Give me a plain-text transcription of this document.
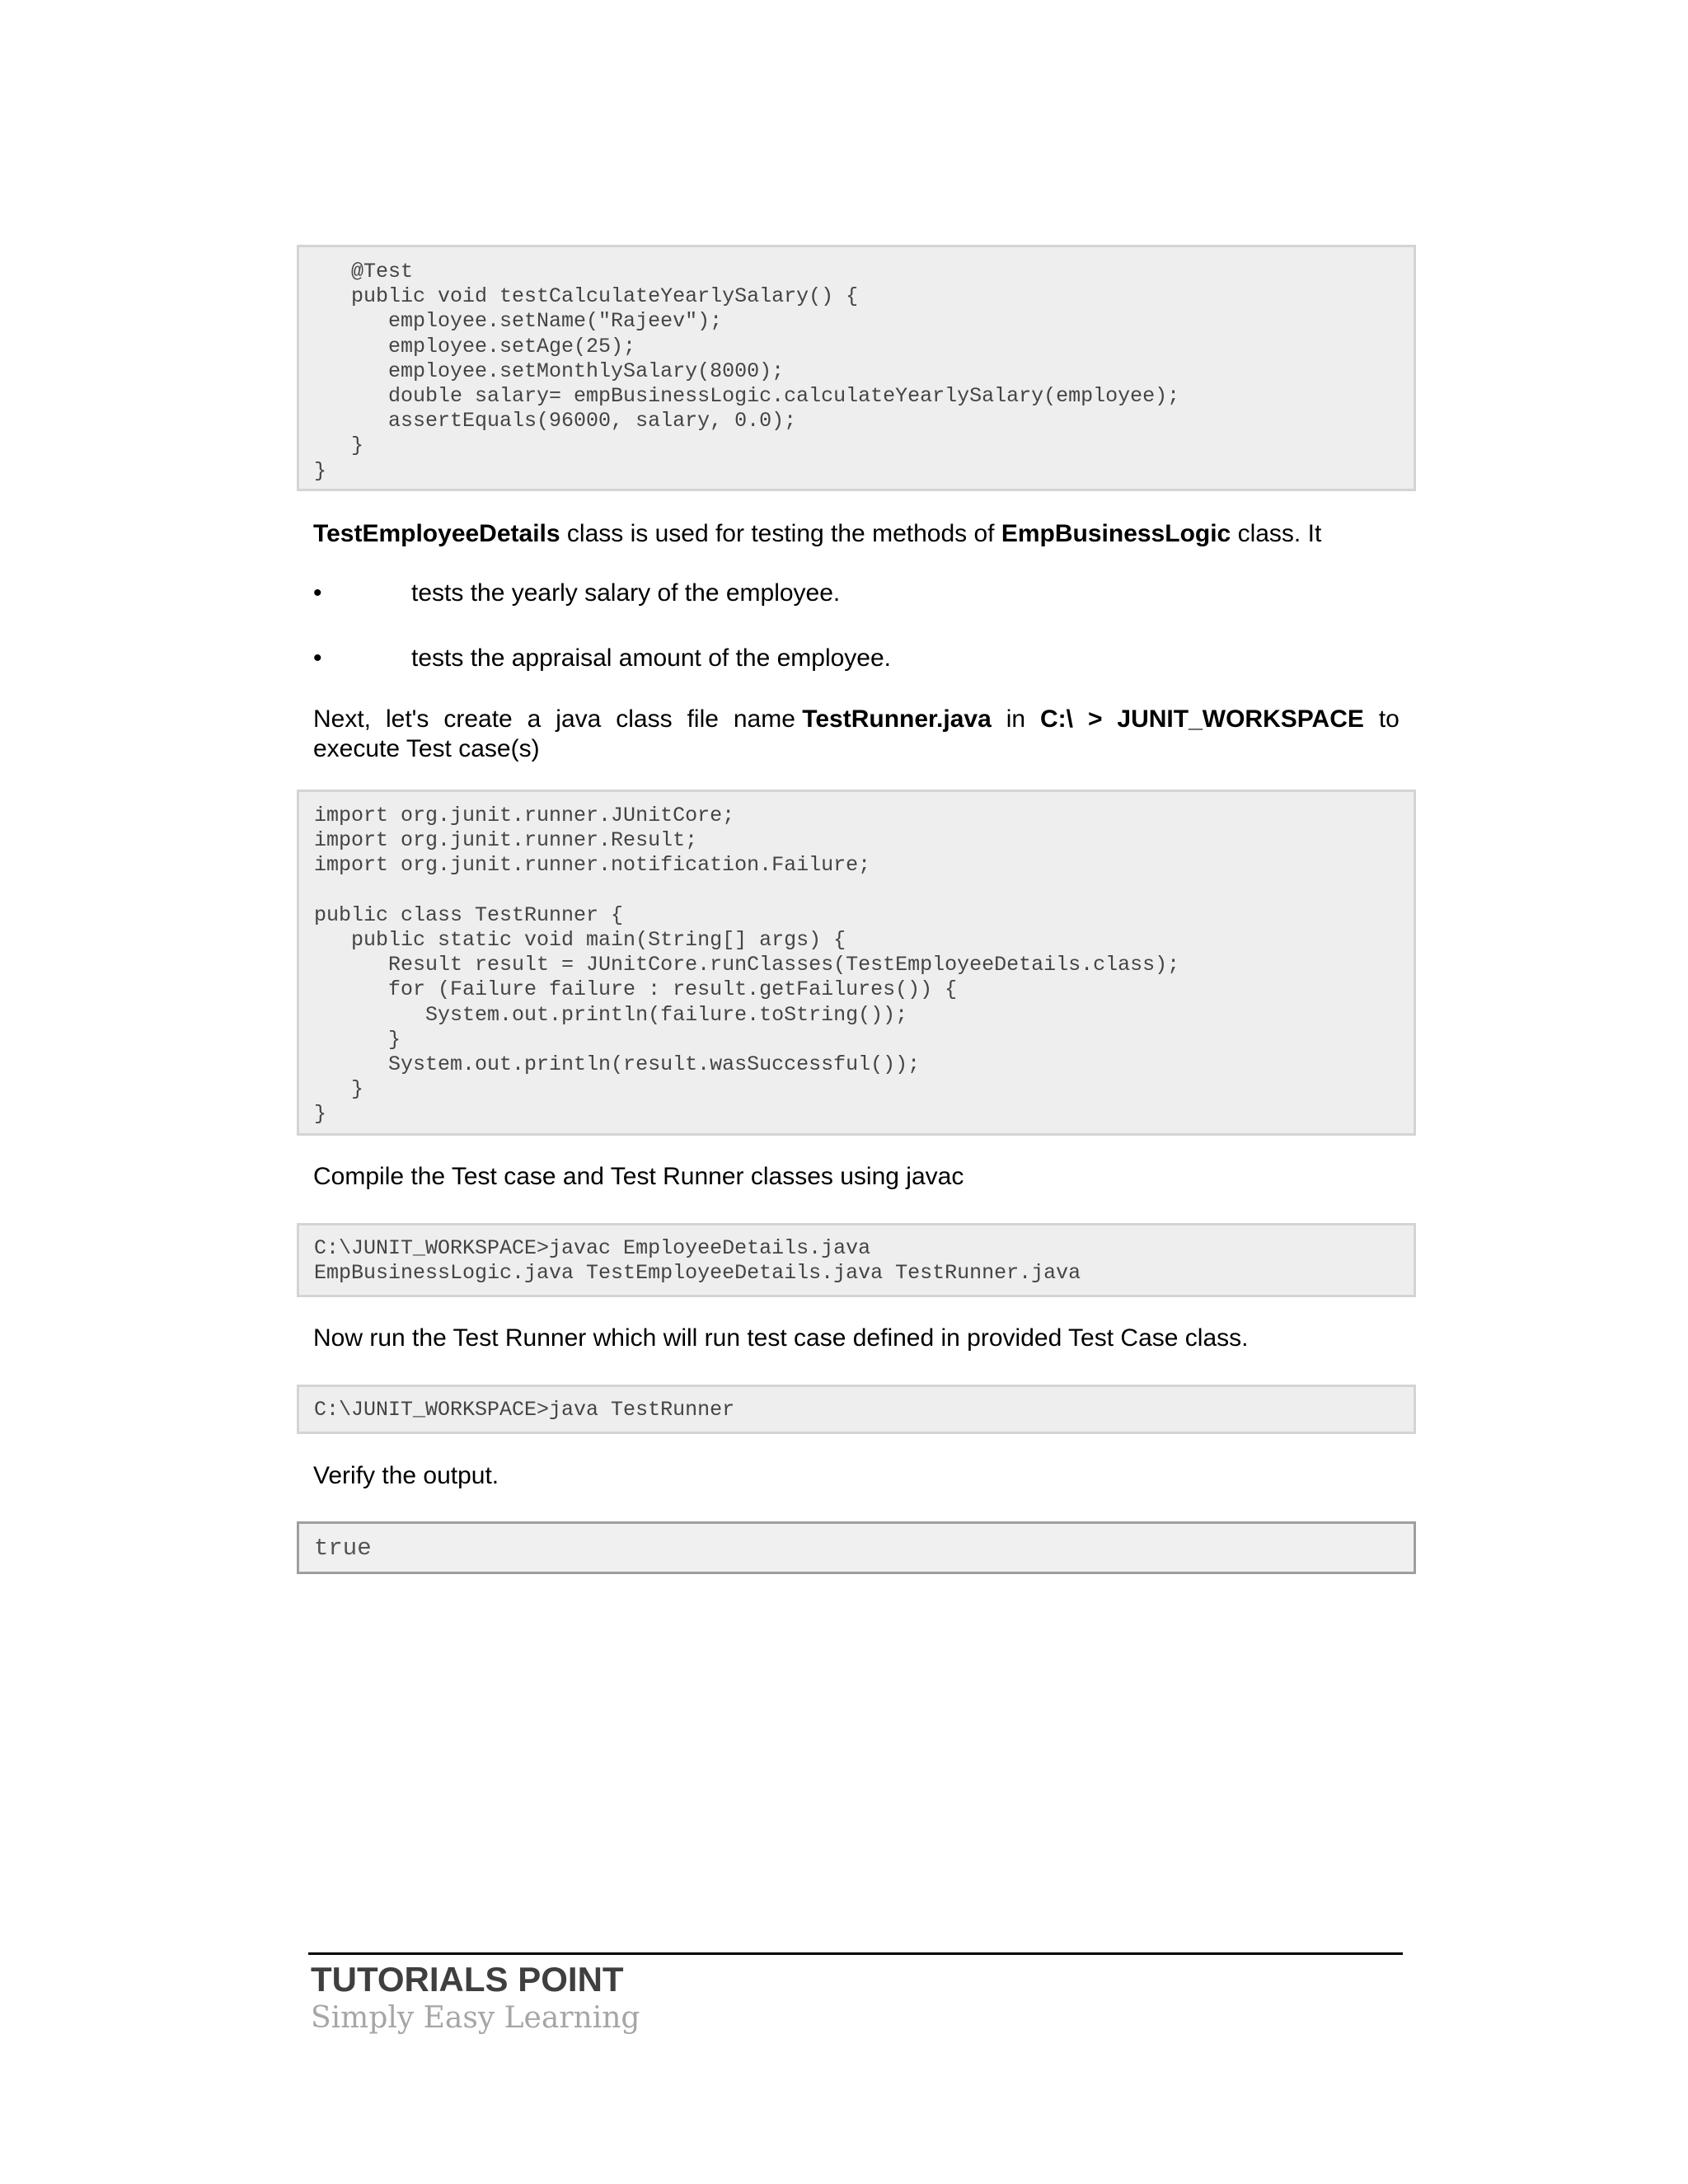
@Test
public void testCalculateYearlySalary() {
employee.setName("Rajeev");
employee.setAge(25);
employee.setMonthlySalary(8000);
double salary= empBusinessLogic.calculateYearlySalary(employee);
assertEquals(96000, salary, 0.0);
}
}
TestEmployeeDetails class is used for testing the methods of EmpBusinessLogic class. It
•	tests the yearly salary of the employee.
•	tests the appraisal amount of the employee.
Next, let's create a java class file name TestRunner.java in C:\ > JUNIT_WORKSPACE to
execute Test case(s)
import org.junit.runner.JUnitCore;
import org.junit.runner.Result;
import org.junit.runner.notification.Failure;

public class TestRunner {
public static void main(String[] args) {
Result result = JUnitCore.runClasses(TestEmployeeDetails.class);
for (Failure failure : result.getFailures()) {
System.out.println(failure.toString());
}
System.out.println(result.wasSuccessful());
}
}
Compile the Test case and Test Runner classes using javac
C:\JUNIT_WORKSPACE>javac EmployeeDetails.java
EmpBusinessLogic.java TestEmployeeDetails.java TestRunner.java
Now run the Test Runner which will run test case defined in provided Test Case class.
C:\JUNIT_WORKSPACE>java TestRunner
Verify the output.
true
TUTORIALS POINT
Simply Easy Learning
